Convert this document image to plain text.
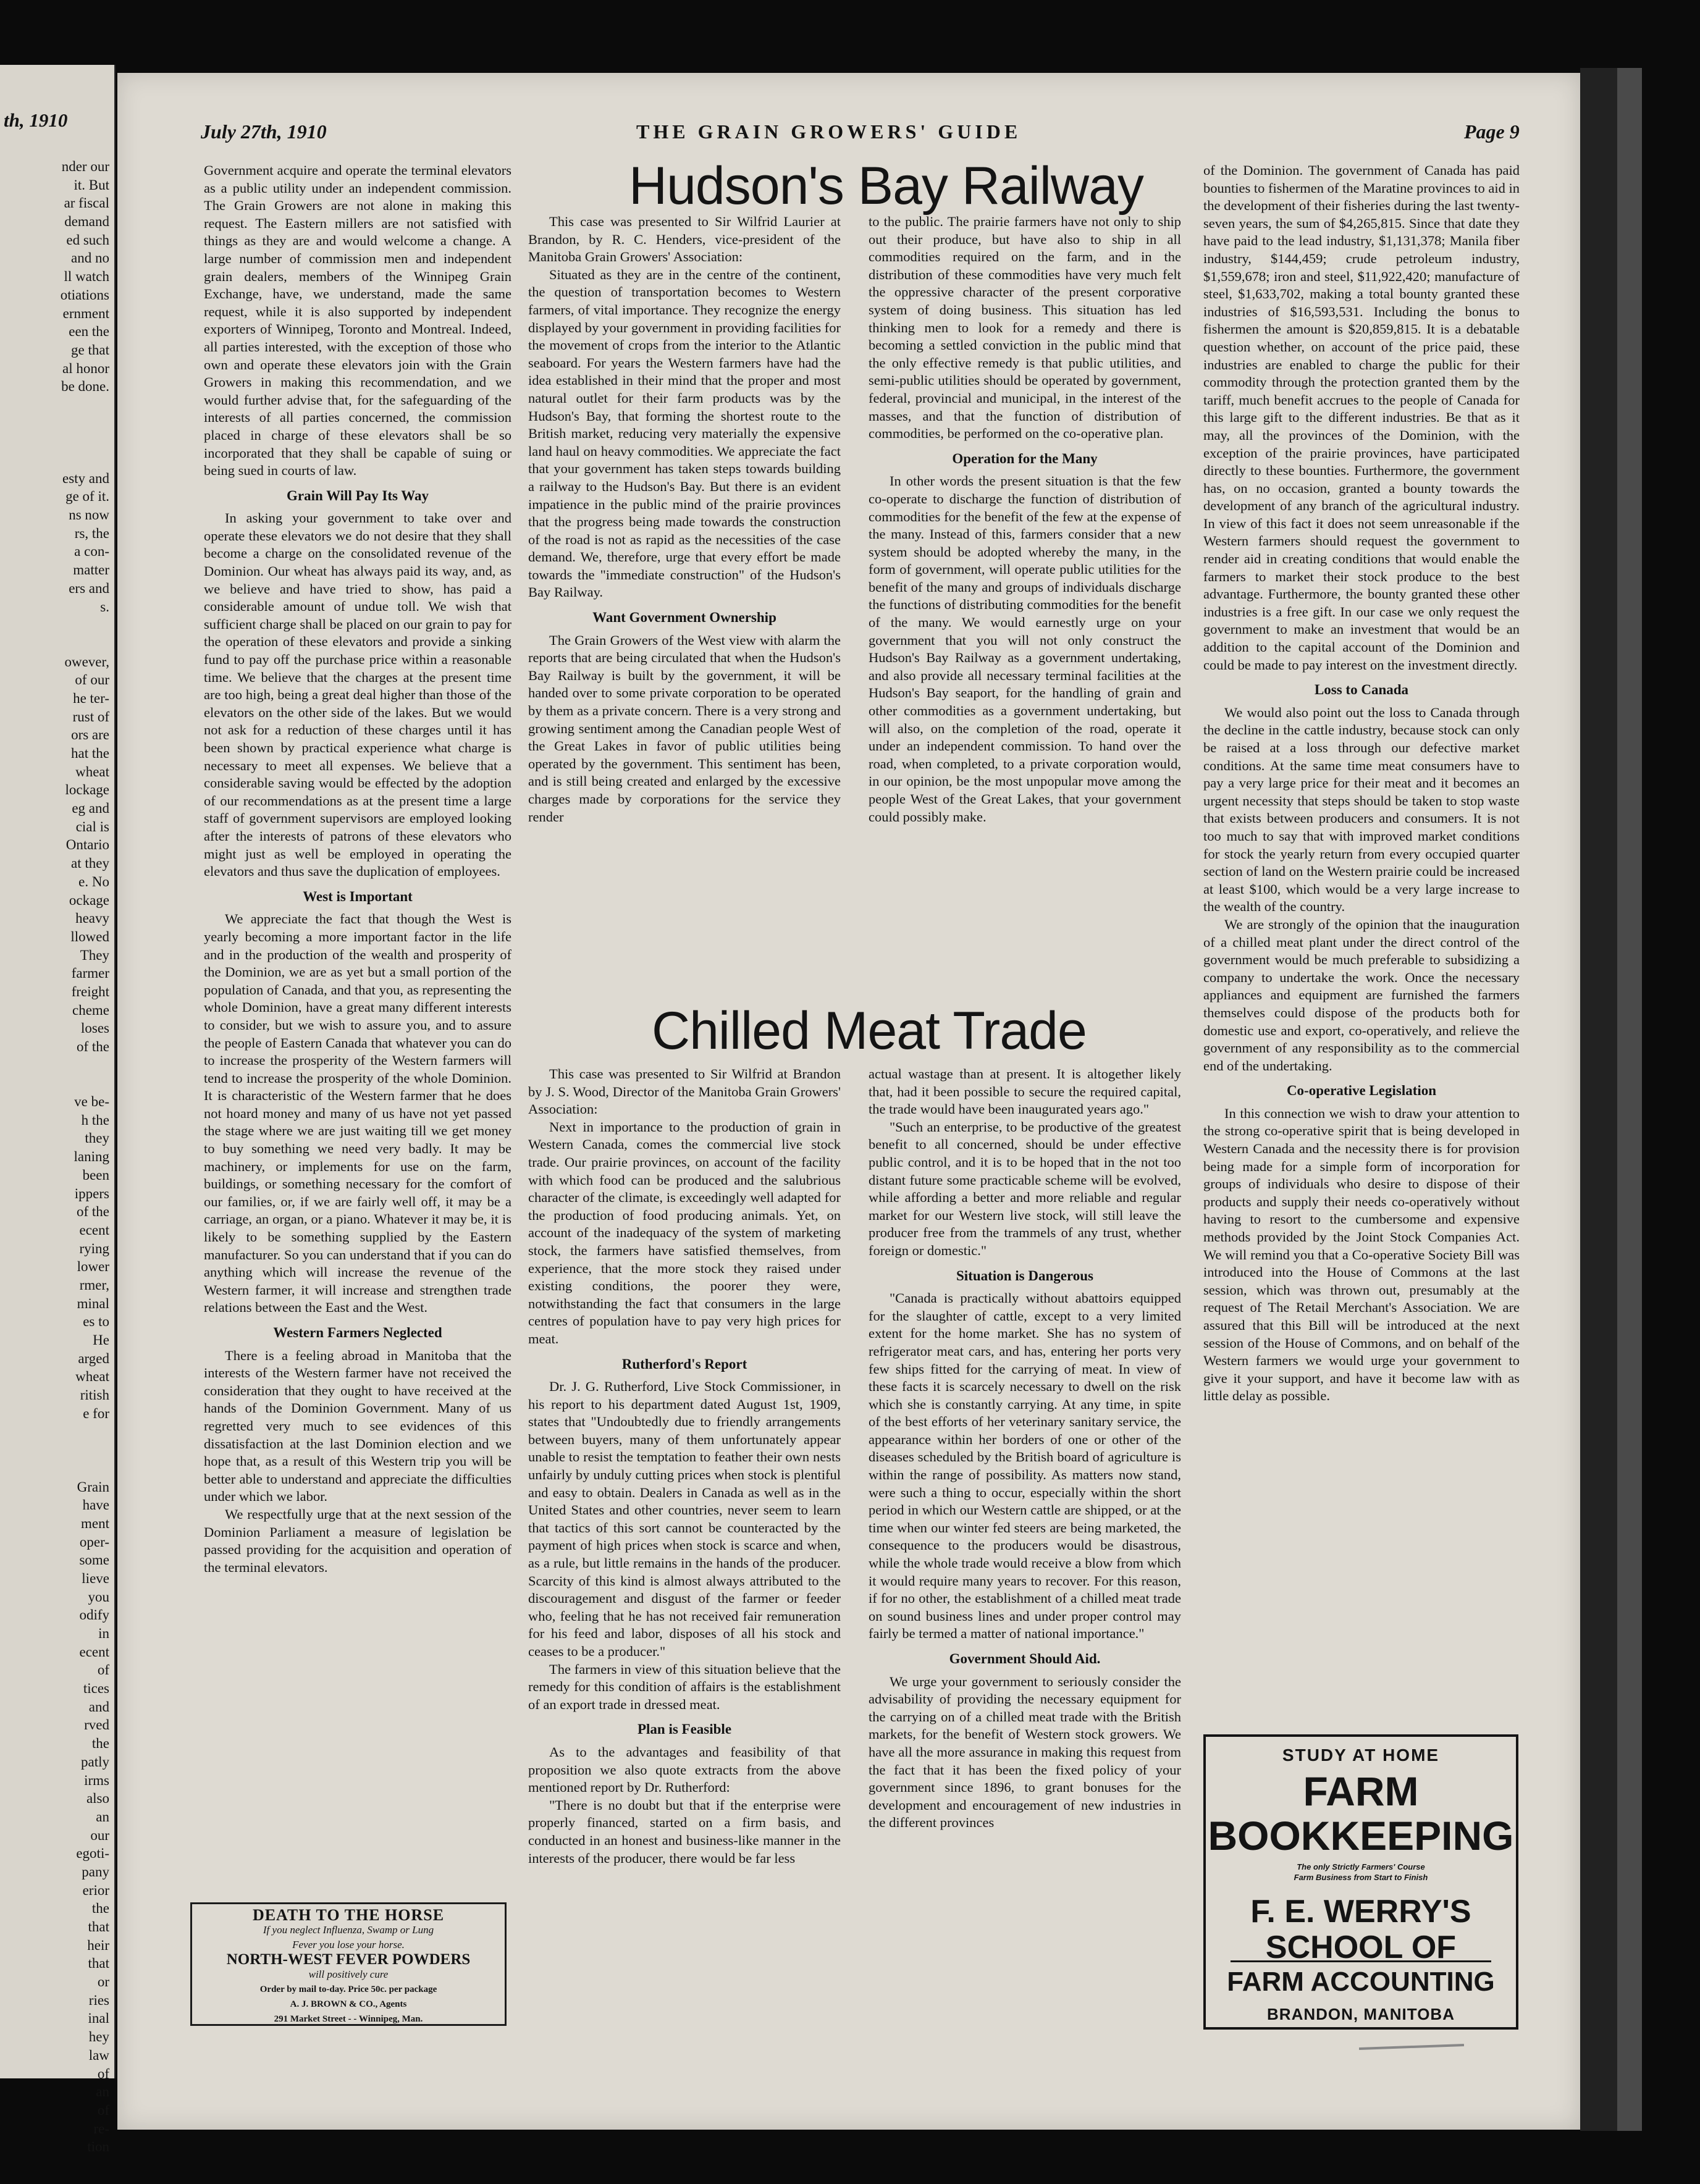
th, 1910
nder our
it. But
ar fiscal
demand
ed such
and no
ll watch
otiations
ernment
een the
ge that
al honor
be done.
esty and
ge of it.
ns now
rs, the
a con-
matter
ers and
s.
owever,
of our
he ter-
rust of
ors are
hat the
wheat
lockage
eg and
cial is
Ontario
at they
e. No
ockage
heavy
llowed
They
farmer
freight
cheme
loses
of the
ve be-
h the
they
laning
been
ippers
of the
ecent
rying
lower
rmer,
minal
es to
He
arged
wheat
ritish
e for
Grain
have
ment
oper-
some
lieve
you
odify
in
ecent
of
tices
and
rved
the
patly
irms
also
an
our
egoti-
pany
erior
the
that
heir
that
or
ries
inal
hey
law
of
an
of
re-
tion
July 27th, 1910	THE GRAIN GROWERS' GUIDE	Page 9
Hudson's Bay Railway
Chilled Meat Trade

Government acquire and operate the terminal elevators as a public utility under an independent commission. The Grain Growers are not alone in making this request. The Eastern millers are not satisfied with things as they are and would welcome a change. A large number of commission men and independent grain dealers, members of the Winnipeg Grain Exchange, have, we understand, made the same request, while it is also supported by independent exporters of Winnipeg, Toronto and Montreal. Indeed, all parties interested, with the exception of those who own and operate these elevators join with the Grain Growers in making this recommendation, and we would further advise that, for the safeguarding of the interests of all parties concerned, the commission placed in charge of these elevators shall be so incorporated that they shall be capable of suing or being sued in courts of law.

Grain Will Pay Its Way

In asking your government to take over and operate these elevators we do not desire that they shall become a charge on the consolidated revenue of the Dominion. Our wheat has always paid its way, and, as we believe and have tried to show, has paid a considerable amount of undue toll. We wish that sufficient charge shall be placed on our grain to pay for the operation of these elevators and provide a sinking fund to pay off the purchase price within a reasonable time. We believe that the charges at the present time are too high, being a great deal higher than those of the elevators on the other side of the lakes. But we would not ask for a reduction of these charges until it has been shown by practical experience what charge is necessary to meet all expenses. We believe that a considerable saving would be effected by the adoption of our recommendations as at the present time a large staff of government supervisors are employed looking after the interests of patrons of these elevators who might just as well be employed in operating the elevators and thus save the duplication of employees.

West is Important

We appreciate the fact that though the West is yearly becoming a more important factor in the life and in the production of the wealth and prosperity of the Dominion, we are as yet but a small portion of the population of Canada, and that you, as representing the whole Dominion, have a great many different interests to consider, but we wish to assure you, and to assure the people of Eastern Canada that whatever you can do to increase the prosperity of the Western farmers will tend to increase the prosperity of the whole Dominion. It is characteristic of the Western farmer that he does not hoard money and many of us have not yet passed the stage where we are just waiting till we get money to buy something we need very badly. It may be machinery, or implements for use on the farm, buildings, or something necessary for the comfort of our families, or, if we are fairly well off, it may be a carriage, an organ, or a piano. Whatever it may be, it is likely to be something supplied by the Eastern manufacturer. So you can understand that if you can do anything which will increase the revenue of the Western farmer, it will increase and strengthen trade relations between the East and the West.

Western Farmers Neglected

There is a feeling abroad in Manitoba that the interests of the Western farmer have not received the consideration that they ought to have received at the hands of the Dominion Government. Many of us regretted very much to see evidences of this dissatisfaction at the last Dominion election and we hope that, as a result of this Western trip you will be better able to understand and appreciate the difficulties under which we labor.

We respectfully urge that at the next session of the Dominion Parliament a measure of legislation be passed providing for the acquisition and operation of the terminal elevators.

This case was presented to Sir Wilfrid Laurier at Brandon, by R. C. Henders, vice-president of the Manitoba Grain Growers' Association:

Situated as they are in the centre of the continent, the question of transportation becomes to Western farmers, of vital importance. They recognize the energy displayed by your government in providing facilities for the movement of crops from the interior to the Atlantic seaboard. For years the Western farmers have had the idea established in their mind that the proper and most natural outlet for their farm products was by the Hudson's Bay, that forming the shortest route to the British market, reducing very materially the expensive land haul on heavy commodities. We appreciate the fact that your government has taken steps towards building a railway to the Hudson's Bay. But there is an evident impatience in the public mind of the prairie provinces that the progress being made towards the construction of the road is not as rapid as the necessities of the case demand. We, therefore, urge that every effort be made towards the "immediate construction" of the Hudson's Bay Railway.

Want Government Ownership

The Grain Growers of the West view with alarm the reports that are being circulated that when the Hudson's Bay Railway is built by the government, it will be handed over to some private corporation to be operated by them as a private concern. There is a very strong and growing sentiment among the Canadian people West of the Great Lakes in favor of public utilities being operated by the government. This sentiment has been, and is still being created and enlarged by the excessive charges made by corporations for the service they render

to the public. The prairie farmers have not only to ship out their produce, but have also to ship in all commodities required on the farm, and in the distribution of these commodities have very much felt the oppressive character of the present corporative system of doing business. This situation has led thinking men to look for a remedy and there is becoming a settled conviction in the public mind that the only effective remedy is that public utilities, and semi-public utilities should be operated by government, federal, provincial and municipal, in the interest of the masses, and that the function of distribution of commodities, be performed on the co-operative plan.

Operation for the Many

In other words the present situation is that the few co-operate to discharge the function of distribution of commodities for the benefit of the few at the expense of the many. Instead of this, farmers consider that a new system should be adopted whereby the many, in the form of government, will operate public utilities for the benefit of the many and groups of individuals discharge the functions of distributing commodities for the benefit of the many. We would earnestly urge on your government that you will not only construct the Hudson's Bay Railway as a government undertaking, and also provide all necessary terminal facilities at the Hudson's Bay seaport, for the handling of grain and other commodities as a government undertaking, but will also, on the completion of the road, operate it under an independent commission. To hand over the road, when completed, to a private corporation would, in our opinion, be the most unpopular move among the people West of the Great Lakes, that your government could possibly make.

This case was presented to Sir Wilfrid at Brandon by J. S. Wood, Director of the Manitoba Grain Growers' Association:

Next in importance to the production of grain in Western Canada, comes the commercial live stock trade. Our prairie provinces, on account of the facility with which food can be produced and the salubrious character of the climate, is exceedingly well adapted for the production of food producing animals. Yet, on account of the inadequacy of the system of marketing stock, the farmers have satisfied themselves, from experience, that the more stock they raised under existing conditions, the poorer they were, notwithstanding the fact that consumers in the large centres of population have to pay very high prices for meat.

Rutherford's Report

Dr. J. G. Rutherford, Live Stock Commissioner, in his report to his department dated August 1st, 1909, states that "Undoubtedly due to friendly arrangements between buyers, many of them unfortunately appear unable to resist the temptation to feather their own nests unfairly by unduly cutting prices when stock is plentiful and easy to obtain. Dealers in Canada as well as in the United States and other countries, never seem to learn that tactics of this sort cannot be counteracted by the payment of high prices when stock is scarce and when, as a rule, but little remains in the hands of the producer. Scarcity of this kind is almost always attributed to the discouragement and disgust of the farmer or feeder who, feeling that he has not received fair remuneration for his feed and labor, disposes of all his stock and ceases to be a producer."

The farmers in view of this situation believe that the remedy for this condition of affairs is the establishment of an export trade in dressed meat.

Plan is Feasible

As to the advantages and feasibility of that proposition we also quote extracts from the above mentioned report by Dr. Rutherford:

"There is no doubt but that if the enterprise were properly financed, started on a firm basis, and conducted in an honest and business-like manner in the interests of the producer, there would be far less

actual wastage than at present. It is altogether likely that, had it been possible to secure the required capital, the trade would have been inaugurated years ago."

"Such an enterprise, to be productive of the greatest benefit to all concerned, should be under effective public control, and it is to be hoped that in the not too distant future some practicable scheme will be evolved, while affording a better and more reliable and regular market for our Western live stock, will still leave the producer free from the trammels of any trust, whether foreign or domestic."

Situation is Dangerous

"Canada is practically without abattoirs equipped for the slaughter of cattle, except to a very limited extent for the home market. She has no system of refrigerator meat cars, and has, entering her ports very few ships fitted for the carrying of meat. In view of these facts it is scarcely necessary to dwell on the risk which she is constantly carrying. At any time, in spite of the best efforts of her veterinary sanitary service, the appearance within her borders of one or other of the diseases scheduled by the British board of agriculture is within the range of possibility. As matters now stand, were such a thing to occur, especially within the short period in which our Western cattle are shipped, or at the time when our winter fed steers are being marketed, the consequence to the producers would be disastrous, while the whole trade would receive a blow from which it would require many years to recover. For this reason, if for no other, the establishment of a chilled meat trade on sound business lines and under proper control may fairly be termed a matter of national importance."

Government Should Aid.

We urge your government to seriously consider the advisability of providing the necessary equipment for the carrying on of a chilled meat trade with the British markets, for the benefit of Western stock growers. We have all the more assurance in making this request from the fact that it has been the fixed policy of your government since 1896, to grant bonuses for the development and encouragement of new industries in the different provinces

of the Dominion. The government of Canada has paid bounties to fishermen of the Maratine provinces to aid in the development of their fisheries during the last twenty-seven years, the sum of $4,265,815. Since that date they have paid to the lead industry, $1,131,378; Manila fiber industry, $144,459; crude petroleum industry, $1,559,678; iron and steel, $11,922,420; manufacture of steel, $1,633,702, making a total bounty granted these industries of $16,593,531. Including the bonus to fishermen the amount is $20,859,815. It is a debatable question whether, on account of the price paid, these industries are enabled to charge the public for their commodity through the protection granted them by the tariff, much benefit accrues to the people of Canada for this large gift to the different industries. Be that as it may, all the provinces of the Dominion, with the exception of the prairie provinces, have participated directly to these bounties. Furthermore, the government has, on no occasion, granted a bounty towards the development of any branch of the agricultural industry. In view of this fact it does not seem unreasonable if the Western farmers should request the government to render aid in creating conditions that would enable the farmers to market their stock produce to the best advantage. Furthermore, the bounty granted these other industries is a free gift. In our case we only request the government to make an investment that would be an addition to the capital account of the Dominion and could be made to pay interest on the investment directly.

Loss to Canada

We would also point out the loss to Canada through the decline in the cattle industry, because stock can only be raised at a loss through our defective market conditions. At the same time meat consumers have to pay a very large price for their meat and it becomes an urgent necessity that steps should be taken to stop waste that exists between producers and consumers. It is not too much to say that with improved market conditions for stock the yearly return from every occupied quarter section of land on the Western prairie could be increased at least $100, which would be a very large increase to the wealth of the country.

We are strongly of the opinion that the inauguration of a chilled meat plant under the direct control of the government would be much preferable to subsidizing a company to undertake the work. Once the necessary appliances and equipment are furnished the farmers themselves could dispose of the products both for domestic use and export, co-operatively, and relieve the government of any responsibility as to the commercial end of the undertaking.

Co-operative Legislation

In this connection we wish to draw your attention to the strong co-operative spirit that is being developed in Western Canada and the necessity there is for provision being made for a simple form of incorporation for groups of individuals who desire to dispose of their products and supply their needs co-operatively without having to resort to the cumbersome and expensive methods provided by the Joint Stock Companies Act. We will remind you that a Co-operative Society Bill was introduced into the House of Commons at the last session, which was thrown out, presumably at the request of The Retail Merchant's Association. We are assured that this Bill will be introduced at the next session of the House of Commons, and on behalf of the Western farmers we would urge your government to give it your support, and have it become law with as little delay as possible.

DEATH TO THE HORSE
If you neglect Influenza, Swamp or Lung
Fever you lose your horse.
NORTH-WEST FEVER POWDERS
will positively cure
Order by mail to-day. Price 50c. per package
A. J. BROWN & CO., Agents
291 Market Street - - Winnipeg, Man.
STUDY AT HOME
FARM
BOOKKEEPING
The only Strictly Farmers' Course
Farm Business from Start to Finish
F. E. WERRY'S SCHOOL OF
FARM ACCOUNTING
BRANDON, MANITOBA
